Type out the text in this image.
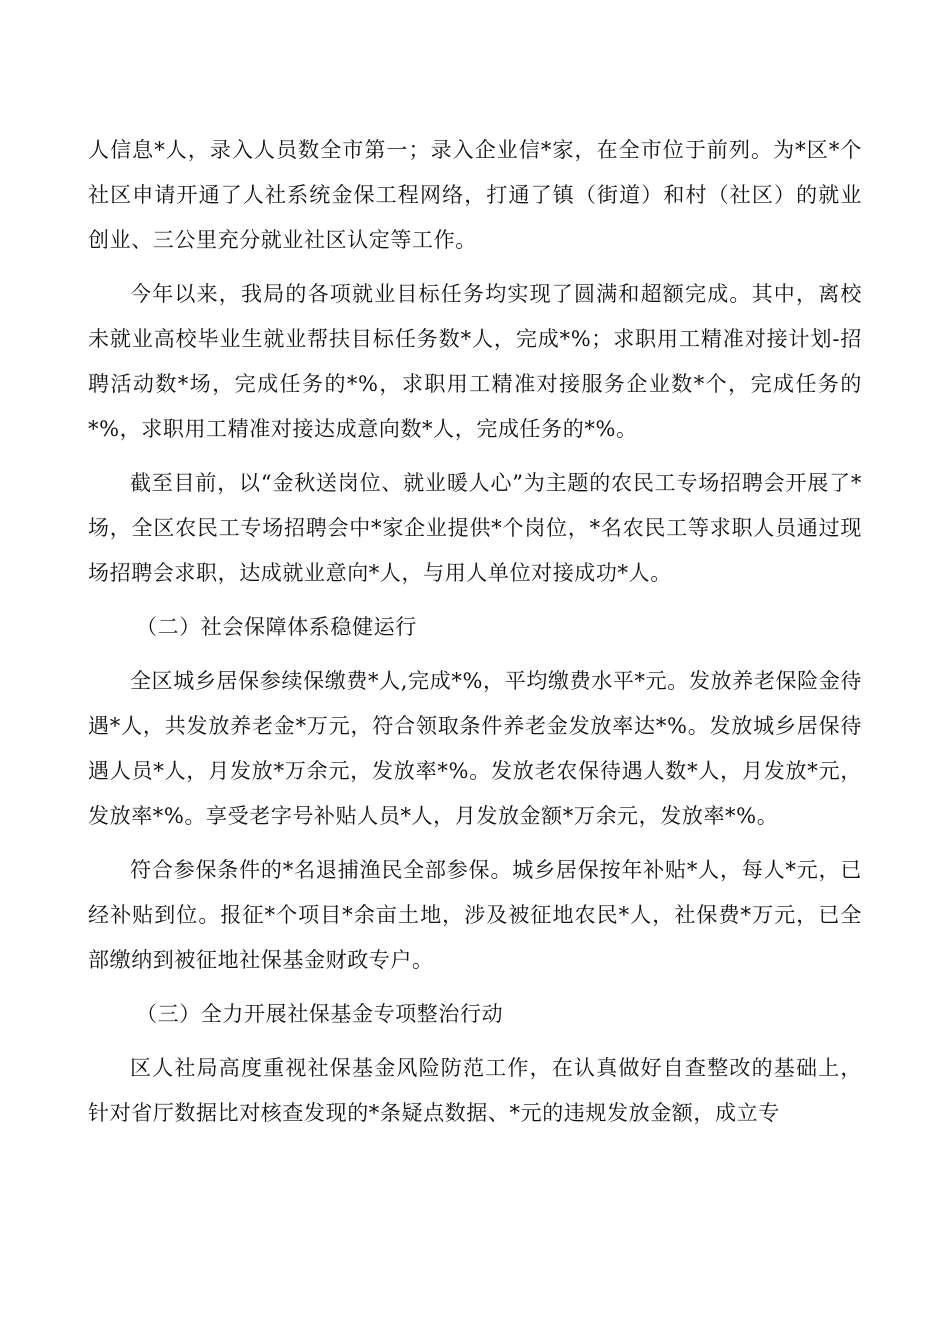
人信息*人，录入人员数全市第一；录入企业信*家，在全市位于前列。为*区*个社区申请开通了人社系统金保工程网络，打通了镇（街道）和村（社区）的就业创业、三公里充分就业社区认定等工作。

今年以来，我局的各项就业目标任务均实现了圆满和超额完成。其中，离校未就业高校毕业生就业帮扶目标任务数*人，完成*%；求职用工精准对接计划-招聘活动数*场，完成任务的*%，求职用工精准对接服务企业数*个，完成任务的*%，求职用工精准对接达成意向数*人，完成任务的*%。

截至目前，以“金秋送岗位、就业暖人心”为主题的农民工专场招聘会开展了*场，全区农民工专场招聘会中*家企业提供*个岗位，*名农民工等求职人员通过现场招聘会求职，达成就业意向*人，与用人单位对接成功*人。

（二）社会保障体系稳健运行

全区城乡居保参续保缴费*人,完成*%，平均缴费水平*元。发放养老保险金待遇*人，共发放养老金*万元，符合领取条件养老金发放率达*%。发放城乡居保待遇人员*人，月发放*万余元，发放率*%。发放老农保待遇人数*人，月发放*元，发放率*%。享受老字号补贴人员*人，月发放金额*万余元，发放率*%。

符合参保条件的*名退捕渔民全部参保。城乡居保按年补贴*人，每人*元，已经补贴到位。报征*个项目*余亩土地，涉及被征地农民*人，社保费*万元，已全部缴纳到被征地社保基金财政专户。

（三）全力开展社保基金专项整治行动

区人社局高度重视社保基金风险防范工作，在认真做好自查整改的基础上，针对省厅数据比对核查发现的*条疑点数据、*元的违规发放金额，成立专
